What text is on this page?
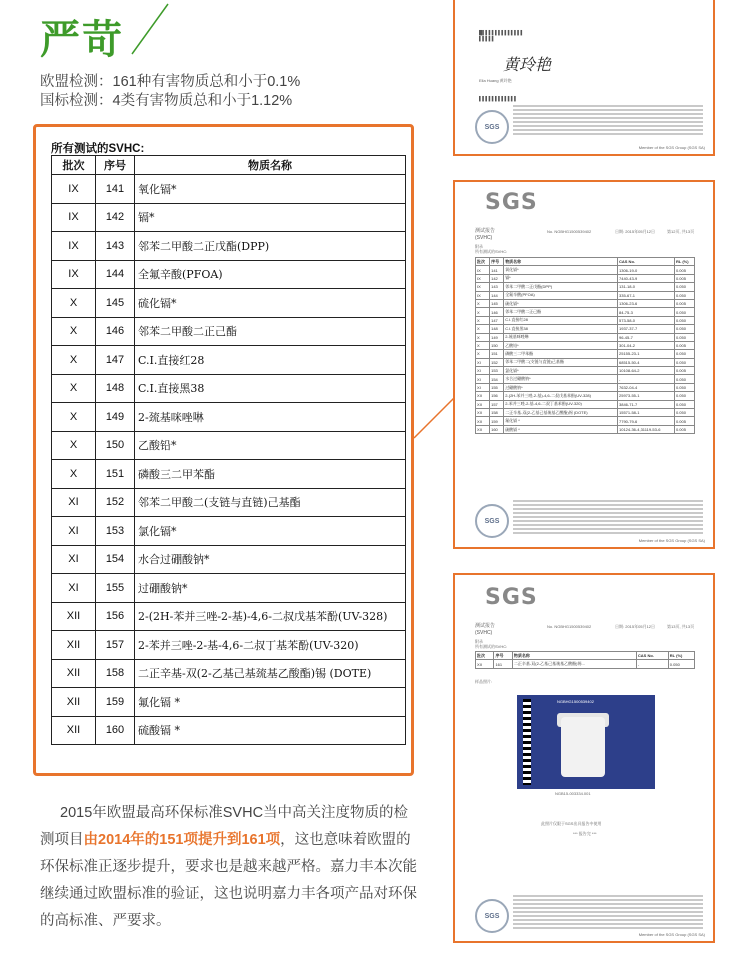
严苛
欧盟检测：161种有害物质总和小于0.1%
国标检测：4类有害物质总和小于1.12%
所有测试的SVHC:
批次	序号	物质名称
IX	141	氧化镉*
IX	142	镉*
IX	143	邻苯二甲酸二正戊酯(DPP)
IX	144	全氟辛酸(PFOA)
X	145	硫化镉*
X	146	邻苯二甲酸二正己酯
X	147	C.I.直接红28
X	148	C.I.直接黑38
X	149	2-巯基咪唑啉
X	150	乙酸铅*
X	151	磷酸三二甲苯酯
XI	152	邻苯二甲酸二(支链与直链)己基酯
XI	153	氯化镉*
XI	154	水合过硼酸钠*
XI	155	过硼酸钠*
XII	156	2-(2H-苯并三唑-2-基)-4,6-二叔戊基苯酚(UV-328)
XII	157	2-苯并三唑-2-基-4,6-二叔丁基苯酚(UV-320)
XII	158	二正辛基-双(2-乙基己基巯基乙酸酯)锡 (DOTE)
XII	159	氟化镉 *
XII	160	硫酸镉 *
2015年欧盟最高环保标准SVHC当中高关注度物质的检测项目由2014年的151项提升到161项，这也意味着欧盟的环保标准正逐步提升，要求也是越来越严格。嘉力丰本次能继续通过欧盟标准的验证，这也说明嘉力丰各项产品对环保的高标准、严要求。
█▌▌▌▌▌▌▌▌▌▌▌▌▌
▌▌▌▌▌
黄玲艳
Ella Huang 黄玲艳
▌▌▌▌▌▌▌▌▌▌▌▌
SGS
Member of the SGS Group (SGS SA)
SGS
测试报告
(SVHC)
No. NGBHG1500539402	日期: 2015年05月12日	第12页, 共13页
附录
所有测试的SVHC:
批次	序号	物质名称	CAS No.	RL (%)
IX	141	氧化镉*	1306-19-0	0.005
IX	142	镉*	7440-43-9	0.005
IX	143	邻苯二甲酸二正戊酯(DPP)	131-18-0	0.050
IX	144	全氟辛酸(PFOA)	335-67-1	0.050
X	145	硫化镉*	1306-23-6	0.005
X	146	邻苯二甲酸二正己酯	84-75-3	0.050
X	147	C.I.直接红28	573-58-0	0.050
X	148	C.I.直接黑38	1937-37-7	0.050
X	149	2-巯基咪唑啉	96-45-7	0.050
X	150	乙酸铅*	301-04-2	0.005
X	151	磷酸三二甲苯酯	25155-23-1	0.050
XI	152	邻苯二甲酸二(支链与直链)己基酯	68515-50-4	0.050
XI	153	氯化镉*	10108-64-2	0.005
XI	154	水合过硼酸钠*	-	0.050
XI	155	过硼酸钠*	7632-04-4	0.050
XII	156	2-(2H-苯并三唑-2-基)-4,6-二叔戊基苯酚(UV-328)	25973-55-1	0.050
XII	157	2-苯并三唑-2-基-4,6-二叔丁基苯酚(UV-320)	3846-71-7	0.050
XII	158	二正辛基-双(2-乙基己基巯基乙酸酯)锡 (DOTE)	15571-58-1	0.050
XII	159	氟化镉 *	7790-79-6	0.005
XII	160	硫酸镉 *	10124-36-4,31119-53-6	0.005
SGS
Member of the SGS Group (SGS SA)
SGS
测试报告
(SVHC)
No. NGBHG1500539402	日期: 2015年05月12日	第13页, 共13页
附录
所有测试的SVHC:
批次	序号	物质名称	CAS No.	RL (%)
XII	161	二正辛基-双(2-乙基己基巯基乙酸酯)锡...	-	0.050
样品照片:
NGBHG1500539402
NGB15-003334.001
此照片仅限于SGS出具报告中使用
*** 报告完 ***
SGS
Member of the SGS Group (SGS SA)
